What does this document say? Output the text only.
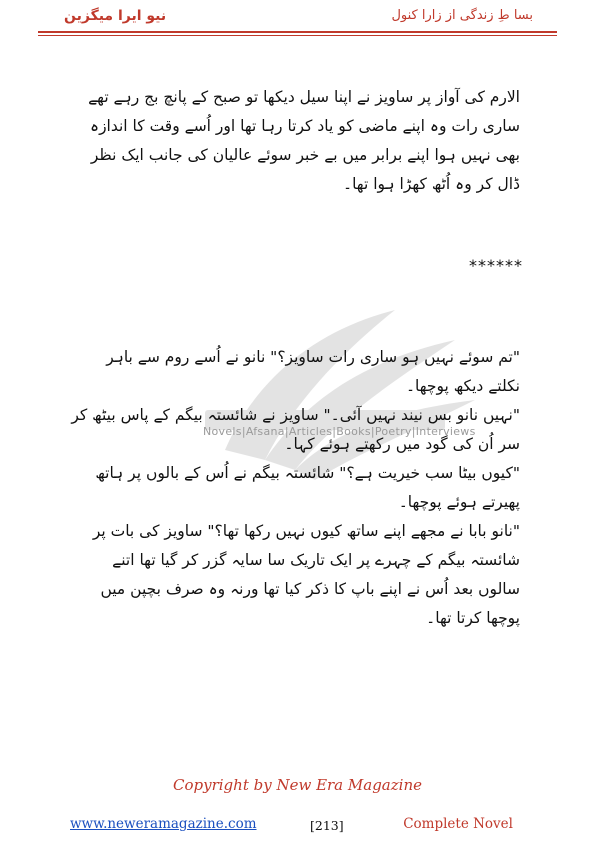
نیو ایرا میگزین	بسا طِ زندگی از زارا کنول
Novels|Afsana|Articles|Books|Poetry|Interviews
الارم کی آواز پر ساویز نے اپنا سیل دیکھا تو صبح کے پانچ بج رہے تھے ساری رات وہ اپنے ماضی کو یاد کرتا رہا تھا اور اُسے وقت کا اندازہ بھی نہیں ہوا اپنے برابر میں بے خبر سوئے عالیان کی جانب ایک نظر ڈال کر وہ اُٹھ کھڑا ہوا تھا۔
******
"تم سوئے نہیں ہو ساری رات ساویز؟" نانو نے اُسے روم سے باہر نکلتے دیکھ پوچھا۔
"نہیں نانو بس نیند نہیں آئی۔" ساویز نے شائستہ بیگم کے پاس بیٹھ کر سر اُن کی گود میں رکھتے ہوئے کہا۔
"کیوں بیٹا سب خیریت ہے؟" شائستہ بیگم نے اُس کے بالوں پر ہاتھ پھیرتے ہوئے پوچھا۔
"نانو بابا نے مجھے اپنے ساتھ کیوں نہیں رکھا تھا؟" ساویز کی بات پر شائستہ بیگم کے چہرے پر ایک تاریک سا سایہ گزر کر گیا تھا اتنے سالوں بعد اُس نے اپنے باپ کا ذکر کیا تھا ورنہ وہ صرف بچپن میں پوچھا کرتا تھا۔
Copyright by New Era Magazine
www.neweramagazine.com	[213]	Complete Novel
